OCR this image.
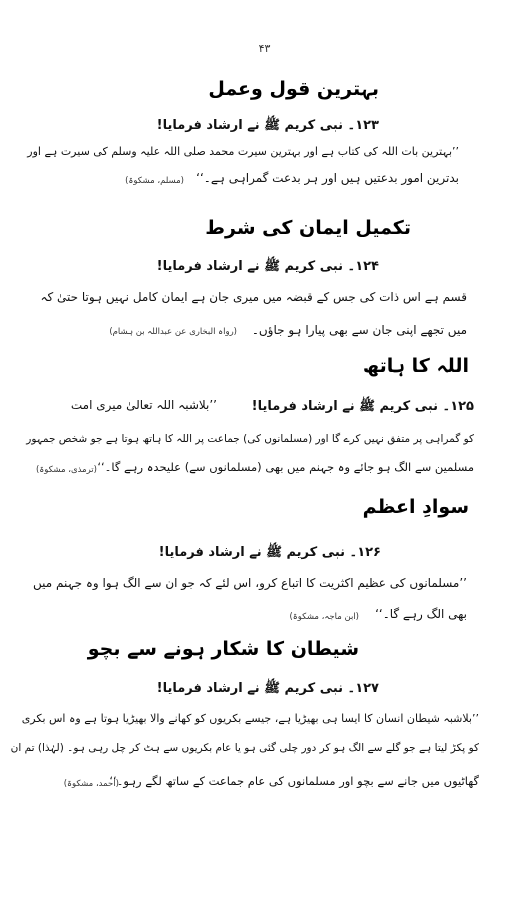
۴۳
بہترین قول وعمل
۱۲۳۔ نبی کریم ﷺ نے ارشاد فرمایا!
’’بہترین بات اللہ کی کتاب ہے اور بہترین سیرت محمد صلی اللہ علیہ وسلم کی سیرت ہے اور
بدترین امور بدعتیں ہیں اور ہر بدعت گمراہی ہے۔‘‘
(مسلم، مشکوۃ)
تکمیل ایمان کی شرط
۱۲۴۔ نبی کریم ﷺ نے ارشاد فرمایا!
قسم ہے اس ذات کی جس کے قبضہ میں میری جان ہے ایمان کامل نہیں ہوتا حتیٰ کہ
میں تجھے اپنی جان سے بھی پیارا ہو جاؤں۔
(رواہ البخاری عن عبداللہ بن ہشام)
اللہ کا ہاتھ
۱۲۵۔ نبی کریم ﷺ نے ارشاد فرمایا!
’’بلاشبہ اللہ تعالیٰ میری امت
کو گمراہی پر متفق نہیں کرے گا اور (مسلمانوں کی) جماعت پر اللہ کا ہاتھ ہوتا ہے جو شخص جمہور
مسلمین سے الگ ہو جائے وہ جہنم میں بھی (مسلمانوں سے) علیحدہ رہے گا۔‘‘
(ترمذی، مشکوۃ)
سوادِ اعظم
۱۲۶۔ نبی کریم ﷺ نے ارشاد فرمایا!
’’مسلمانوں کی عظیم اکثریت کا اتباع کرو، اس لئے کہ جو ان سے الگ ہوا وہ جہنم میں
بھی الگ رہے گا۔‘‘
(ابن ماجہ، مشکوۃ)
شیطان کا شکار ہونے سے بچو
۱۲۷۔ نبی کریم ﷺ نے ارشاد فرمایا!
’’بلاشبہ شیطان انسان کا ایسا ہی بھیڑیا ہے، جیسے بکریوں کو کھانے والا بھیڑیا ہوتا ہے وہ اس بکری
کو پکڑ لیتا ہے جو گلے سے الگ ہو کر دور چلی گئی ہو یا عام بکریوں سے ہٹ کر چل رہی ہو۔ (لہٰذا) تم ان
گھاٹیوں میں جانے سے بچو اور مسلمانوں کی عام جماعت کے ساتھ لگے رہو۔‘‘
(احمد، مشکوۃ)
